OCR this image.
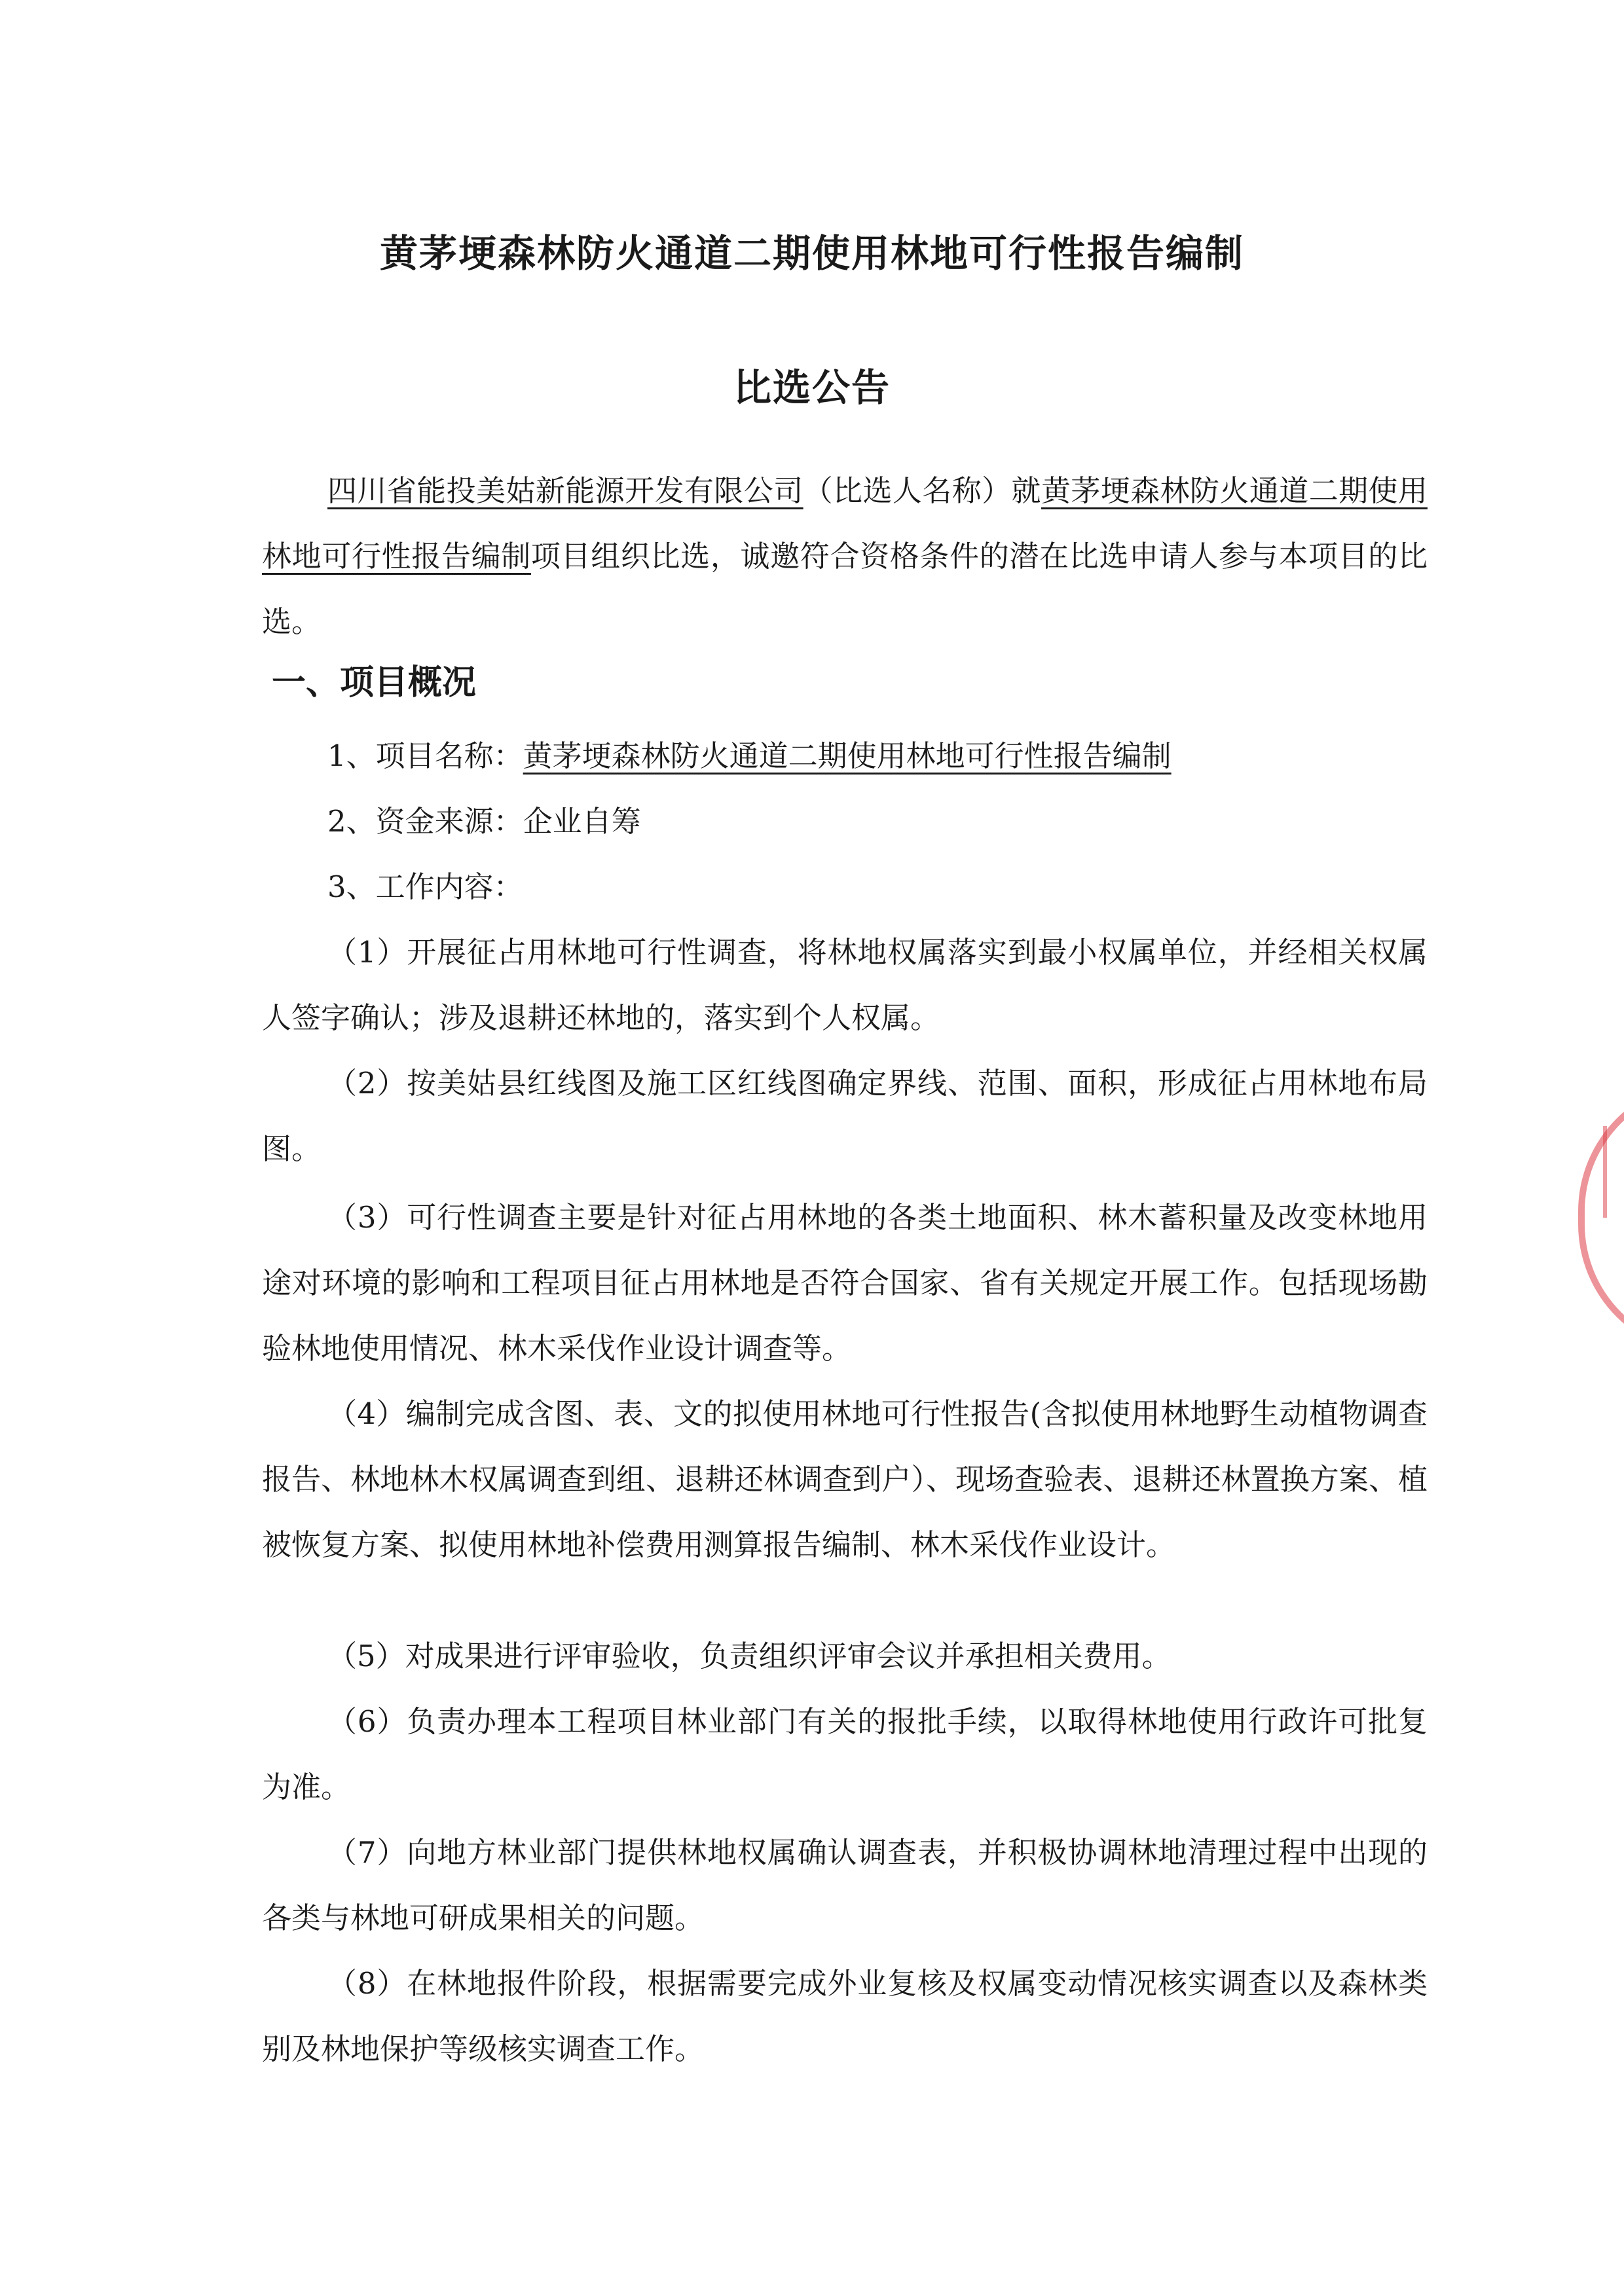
黄茅埂森林防火通道二期使用林地可行性报告编制
比选公告

四川省能投美姑新能源开发有限公司（比选人名称）就黄茅埂森林防火通道二期使用林地可行性报告编制项目组织比选，诚邀符合资格条件的潜在比选申请人参与本项目的比选。

一、项目概况

1、项目名称：黄茅埂森林防火通道二期使用林地可行性报告编制

2、资金来源：企业自筹

3、工作内容：

（1）开展征占用林地可行性调查，将林地权属落实到最小权属单位，并经相关权属人签字确认；涉及退耕还林地的，落实到个人权属。

（2）按美姑县红线图及施工区红线图确定界线、范围、面积，形成征占用林地布局图。

（3）可行性调查主要是针对征占用林地的各类土地面积、林木蓄积量及改变林地用途对环境的影响和工程项目征占用林地是否符合国家、省有关规定开展工作。包括现场勘验林地使用情况、林木采伐作业设计调查等。

（4）编制完成含图、表、文的拟使用林地可行性报告(含拟使用林地野生动植物调查报告、林地林木权属调查到组、退耕还林调查到户）、现场查验表、退耕还林置换方案、植被恢复方案、拟使用林地补偿费用测算报告编制、林木采伐作业设计。

（5）对成果进行评审验收，负责组织评审会议并承担相关费用。

（6）负责办理本工程项目林业部门有关的报批手续，以取得林地使用行政许可批复为准。

（7）向地方林业部门提供林地权属确认调查表，并积极协调林地清理过程中出现的各类与林地可研成果相关的问题。

（8）在林地报件阶段，根据需要完成外业复核及权属变动情况核实调查以及森林类别及林地保护等级核实调查工作。
